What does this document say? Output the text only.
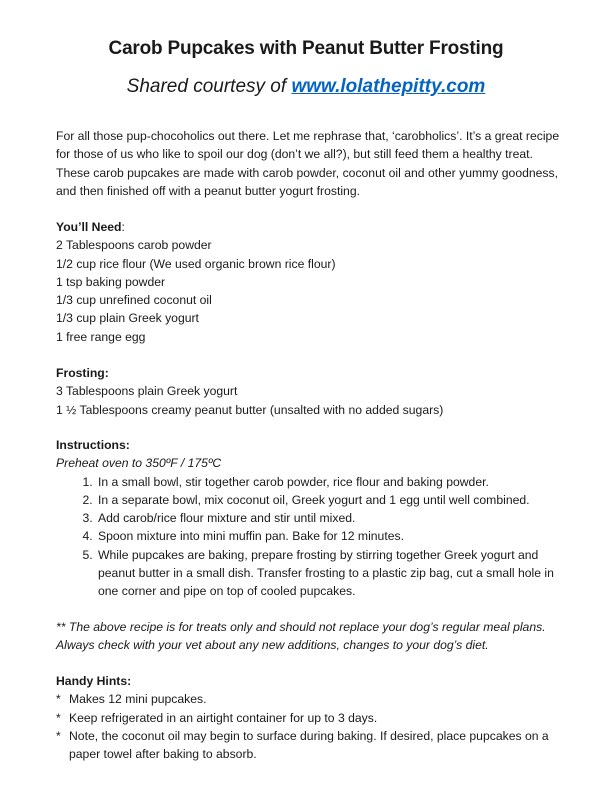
Carob Pupcakes with Peanut Butter Frosting
Shared courtesy of www.lolathepitty.com
For all those pup-chocoholics out there. Let me rephrase that, ‘carobholics’. It’s a great recipe for those of us who like to spoil our dog (don’t we all?), but still feed them a healthy treat. These carob pupcakes are made with carob powder, coconut oil and other yummy goodness, and then finished off with a peanut butter yogurt frosting.
You’ll Need:
2 Tablespoons carob powder
1/2 cup rice flour (We used organic brown rice flour)
1 tsp baking powder
1/3 cup unrefined coconut oil
1/3 cup plain Greek yogurt
1 free range egg
Frosting:
3 Tablespoons plain Greek yogurt
1 ½ Tablespoons creamy peanut butter (unsalted with no added sugars)
Instructions:
Preheat oven to 350ºF / 175ºC
1. In a small bowl, stir together carob powder, rice flour and baking powder.
2. In a separate bowl, mix coconut oil, Greek yogurt and 1 egg until well combined.
3. Add carob/rice flour mixture and stir until mixed.
4. Spoon mixture into mini muffin pan. Bake for 12 minutes.
5. While pupcakes are baking, prepare frosting by stirring together Greek yogurt and peanut butter in a small dish. Transfer frosting to a plastic zip bag, cut a small hole in one corner and pipe on top of cooled pupcakes.
** The above recipe is for treats only and should not replace your dog’s regular meal plans. Always check with your vet about any new additions, changes to your dog’s diet.
Handy Hints:
* Makes 12 mini pupcakes.
* Keep refrigerated in an airtight container for up to 3 days.
* Note, the coconut oil may begin to surface during baking. If desired, place pupcakes on a paper towel after baking to absorb.
